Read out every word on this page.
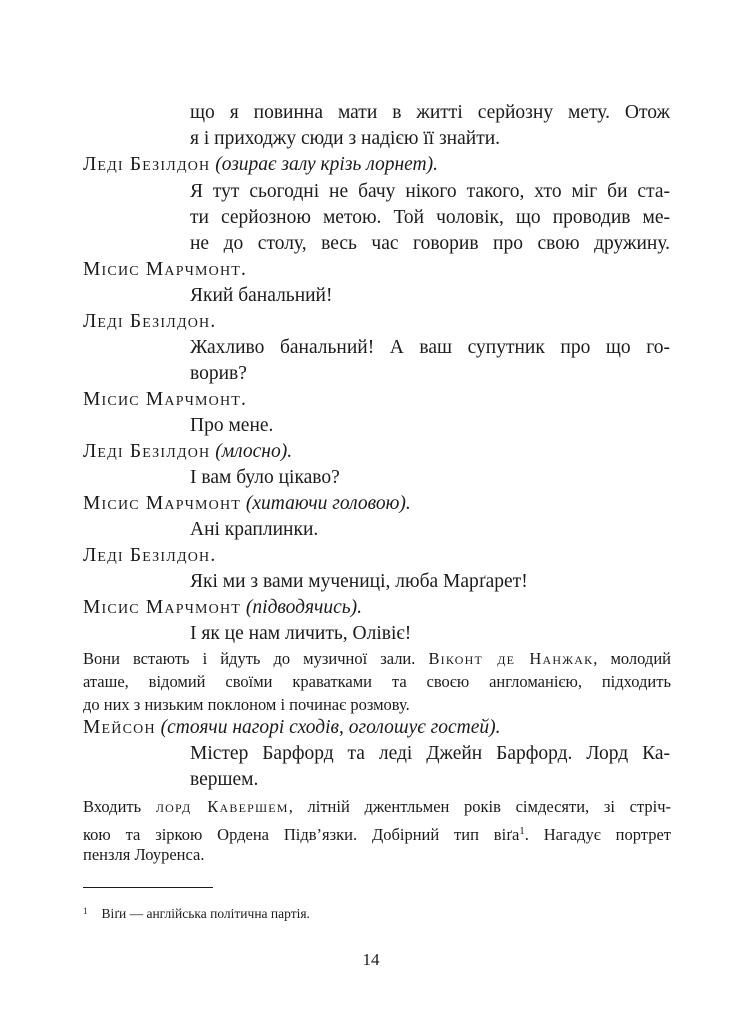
що я повинна мати в житті серйозну мету. Отож
я і приходжу сюди з надією її знайти.
Леді Безілдон (озирає залу крізь лорнет).
Я тут сьогодні не бачу нікого такого, хто міг би ста-
ти серйозною метою. Той чоловік, що проводив ме-
не до столу, весь час говорив про свою дружину.
Місис Марчмонт.
Який банальний!
Леді Безілдон.
Жахливо банальний! А ваш супутник про що го-
ворив?
Місис Марчмонт.
Про мене.
Леді Безілдон (млосно).
І вам було цікаво?
Місис Марчмонт (хитаючи головою).
Ані краплинки.
Леді Безілдон.
Які ми з вами мучениці, люба Марґарет!
Місис Марчмонт (підводячись).
І як це нам личить, Олівіє!
Вони встають і йдуть до музичної зали. Віконт де Нанжак, молодий
аташе, відомий своїми краватками та своєю англоманією, підходить
до них з низьким поклоном і починає розмову.
Мейсон (стоячи нагорі сходів, оголошує гостей).
Містер Барфорд та леді Джейн Барфорд. Лорд Ка-
вершем.
Входить лорд Кавершем, літній джентльмен років сімдесяти, зі стріч-
кою та зіркою Ордена Підв’язки. Добірний тип віґа$^1$. Нагадує портрет
пензля Лоуренса.
$^1$ Віґи — англійська політична партія.
14
